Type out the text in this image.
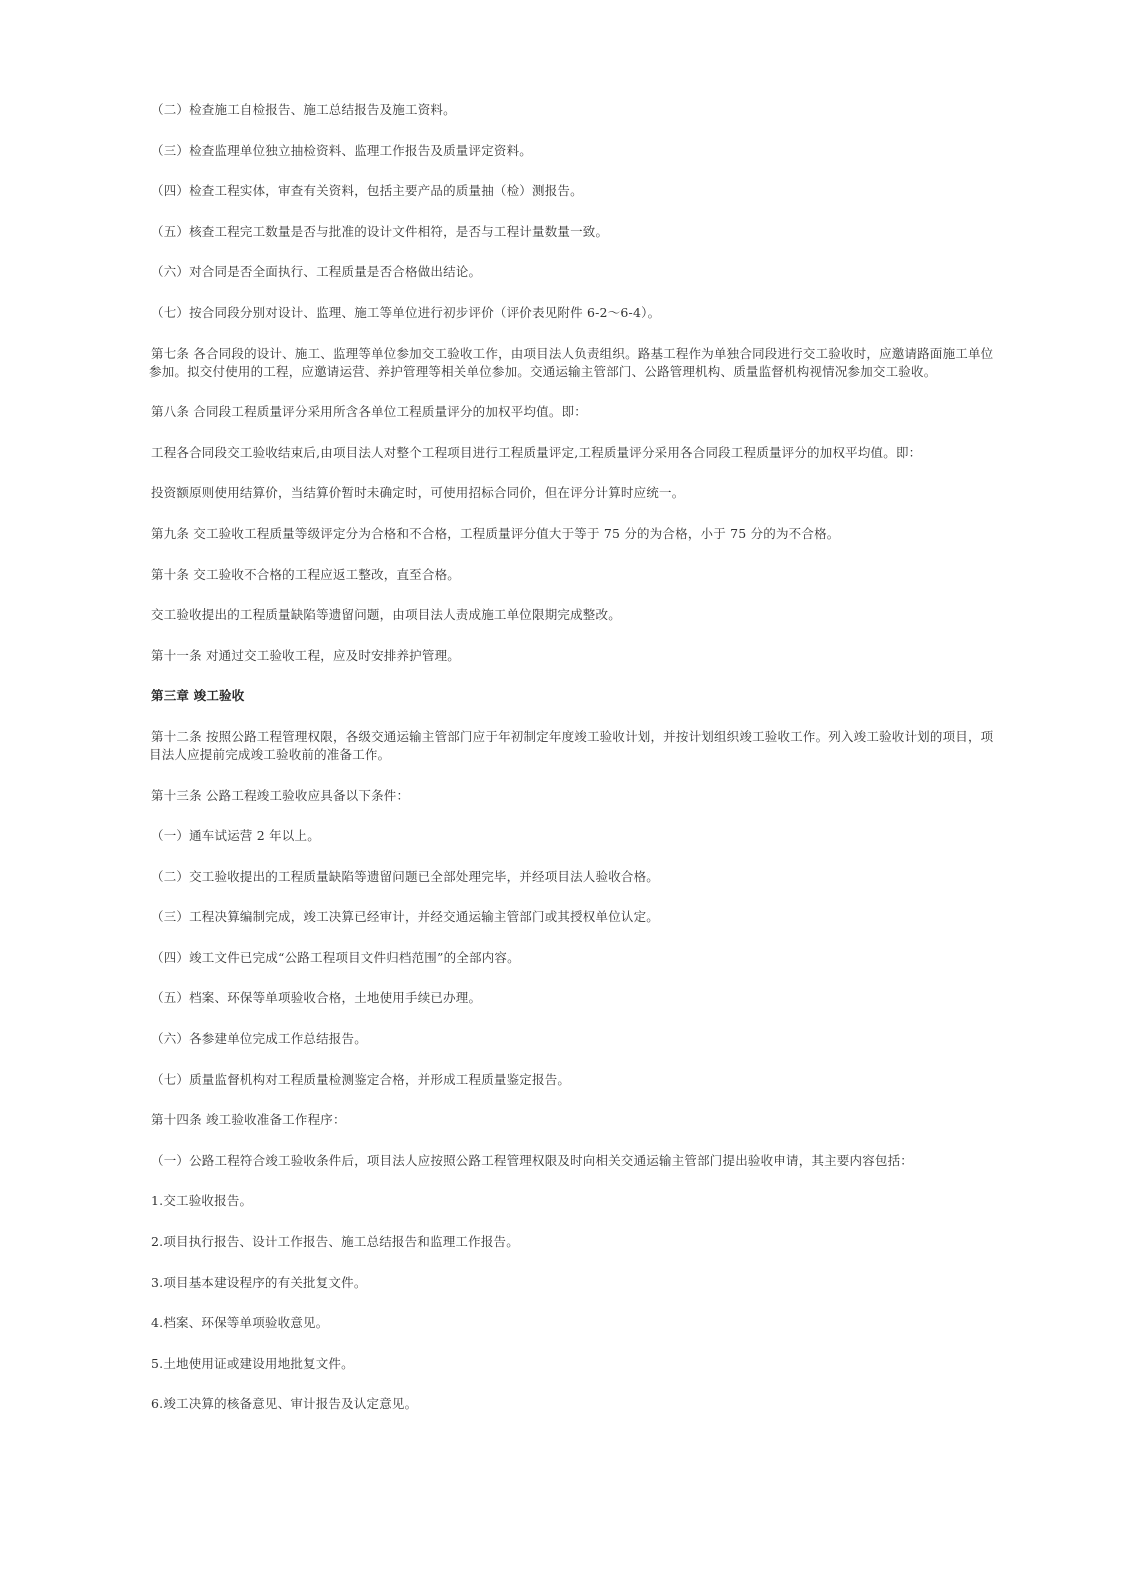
（二）检查施工自检报告、施工总结报告及施工资料。

（三）检查监理单位独立抽检资料、监理工作报告及质量评定资料。

（四）检查工程实体，审查有关资料，包括主要产品的质量抽（检）测报告。

（五）核查工程完工数量是否与批准的设计文件相符，是否与工程计量数量一致。

（六）对合同是否全面执行、工程质量是否合格做出结论。

（七）按合同段分别对设计、监理、施工等单位进行初步评价（评价表见附件 6-2～6-4）。

第七条 各合同段的设计、施工、监理等单位参加交工验收工作，由项目法人负责组织。路基工程作为单独合同段进行交工验收时，应邀请路面施工单位参加。拟交付使用的工程，应邀请运营、养护管理等相关单位参加。交通运输主管部门、公路管理机构、质量监督机构视情况参加交工验收。

第八条 合同段工程质量评分采用所含各单位工程质量评分的加权平均值。即：

工程各合同段交工验收结束后,由项目法人对整个工程项目进行工程质量评定,工程质量评分采用各合同段工程质量评分的加权平均值。即：

投资额原则使用结算价，当结算价暂时未确定时，可使用招标合同价，但在评分计算时应统一。

第九条 交工验收工程质量等级评定分为合格和不合格，工程质量评分值大于等于 75 分的为合格，小于 75 分的为不合格。

第十条 交工验收不合格的工程应返工整改，直至合格。

交工验收提出的工程质量缺陷等遗留问题，由项目法人责成施工单位限期完成整改。

第十一条 对通过交工验收工程，应及时安排养护管理。

第三章 竣工验收

第十二条 按照公路工程管理权限，各级交通运输主管部门应于年初制定年度竣工验收计划，并按计划组织竣工验收工作。列入竣工验收计划的项目，项目法人应提前完成竣工验收前的准备工作。

第十三条 公路工程竣工验收应具备以下条件：

（一）通车试运营 2 年以上。

（二）交工验收提出的工程质量缺陷等遗留问题已全部处理完毕，并经项目法人验收合格。

（三）工程决算编制完成，竣工决算已经审计，并经交通运输主管部门或其授权单位认定。

（四）竣工文件已完成“公路工程项目文件归档范围”的全部内容。

（五）档案、环保等单项验收合格，土地使用手续已办理。

（六）各参建单位完成工作总结报告。

（七）质量监督机构对工程质量检测鉴定合格，并形成工程质量鉴定报告。

第十四条 竣工验收准备工作程序：

（一）公路工程符合竣工验收条件后，项目法人应按照公路工程管理权限及时向相关交通运输主管部门提出验收申请，其主要内容包括：

1.交工验收报告。

2.项目执行报告、设计工作报告、施工总结报告和监理工作报告。

3.项目基本建设程序的有关批复文件。

4.档案、环保等单项验收意见。

5.土地使用证或建设用地批复文件。

6.竣工决算的核备意见、审计报告及认定意见。
